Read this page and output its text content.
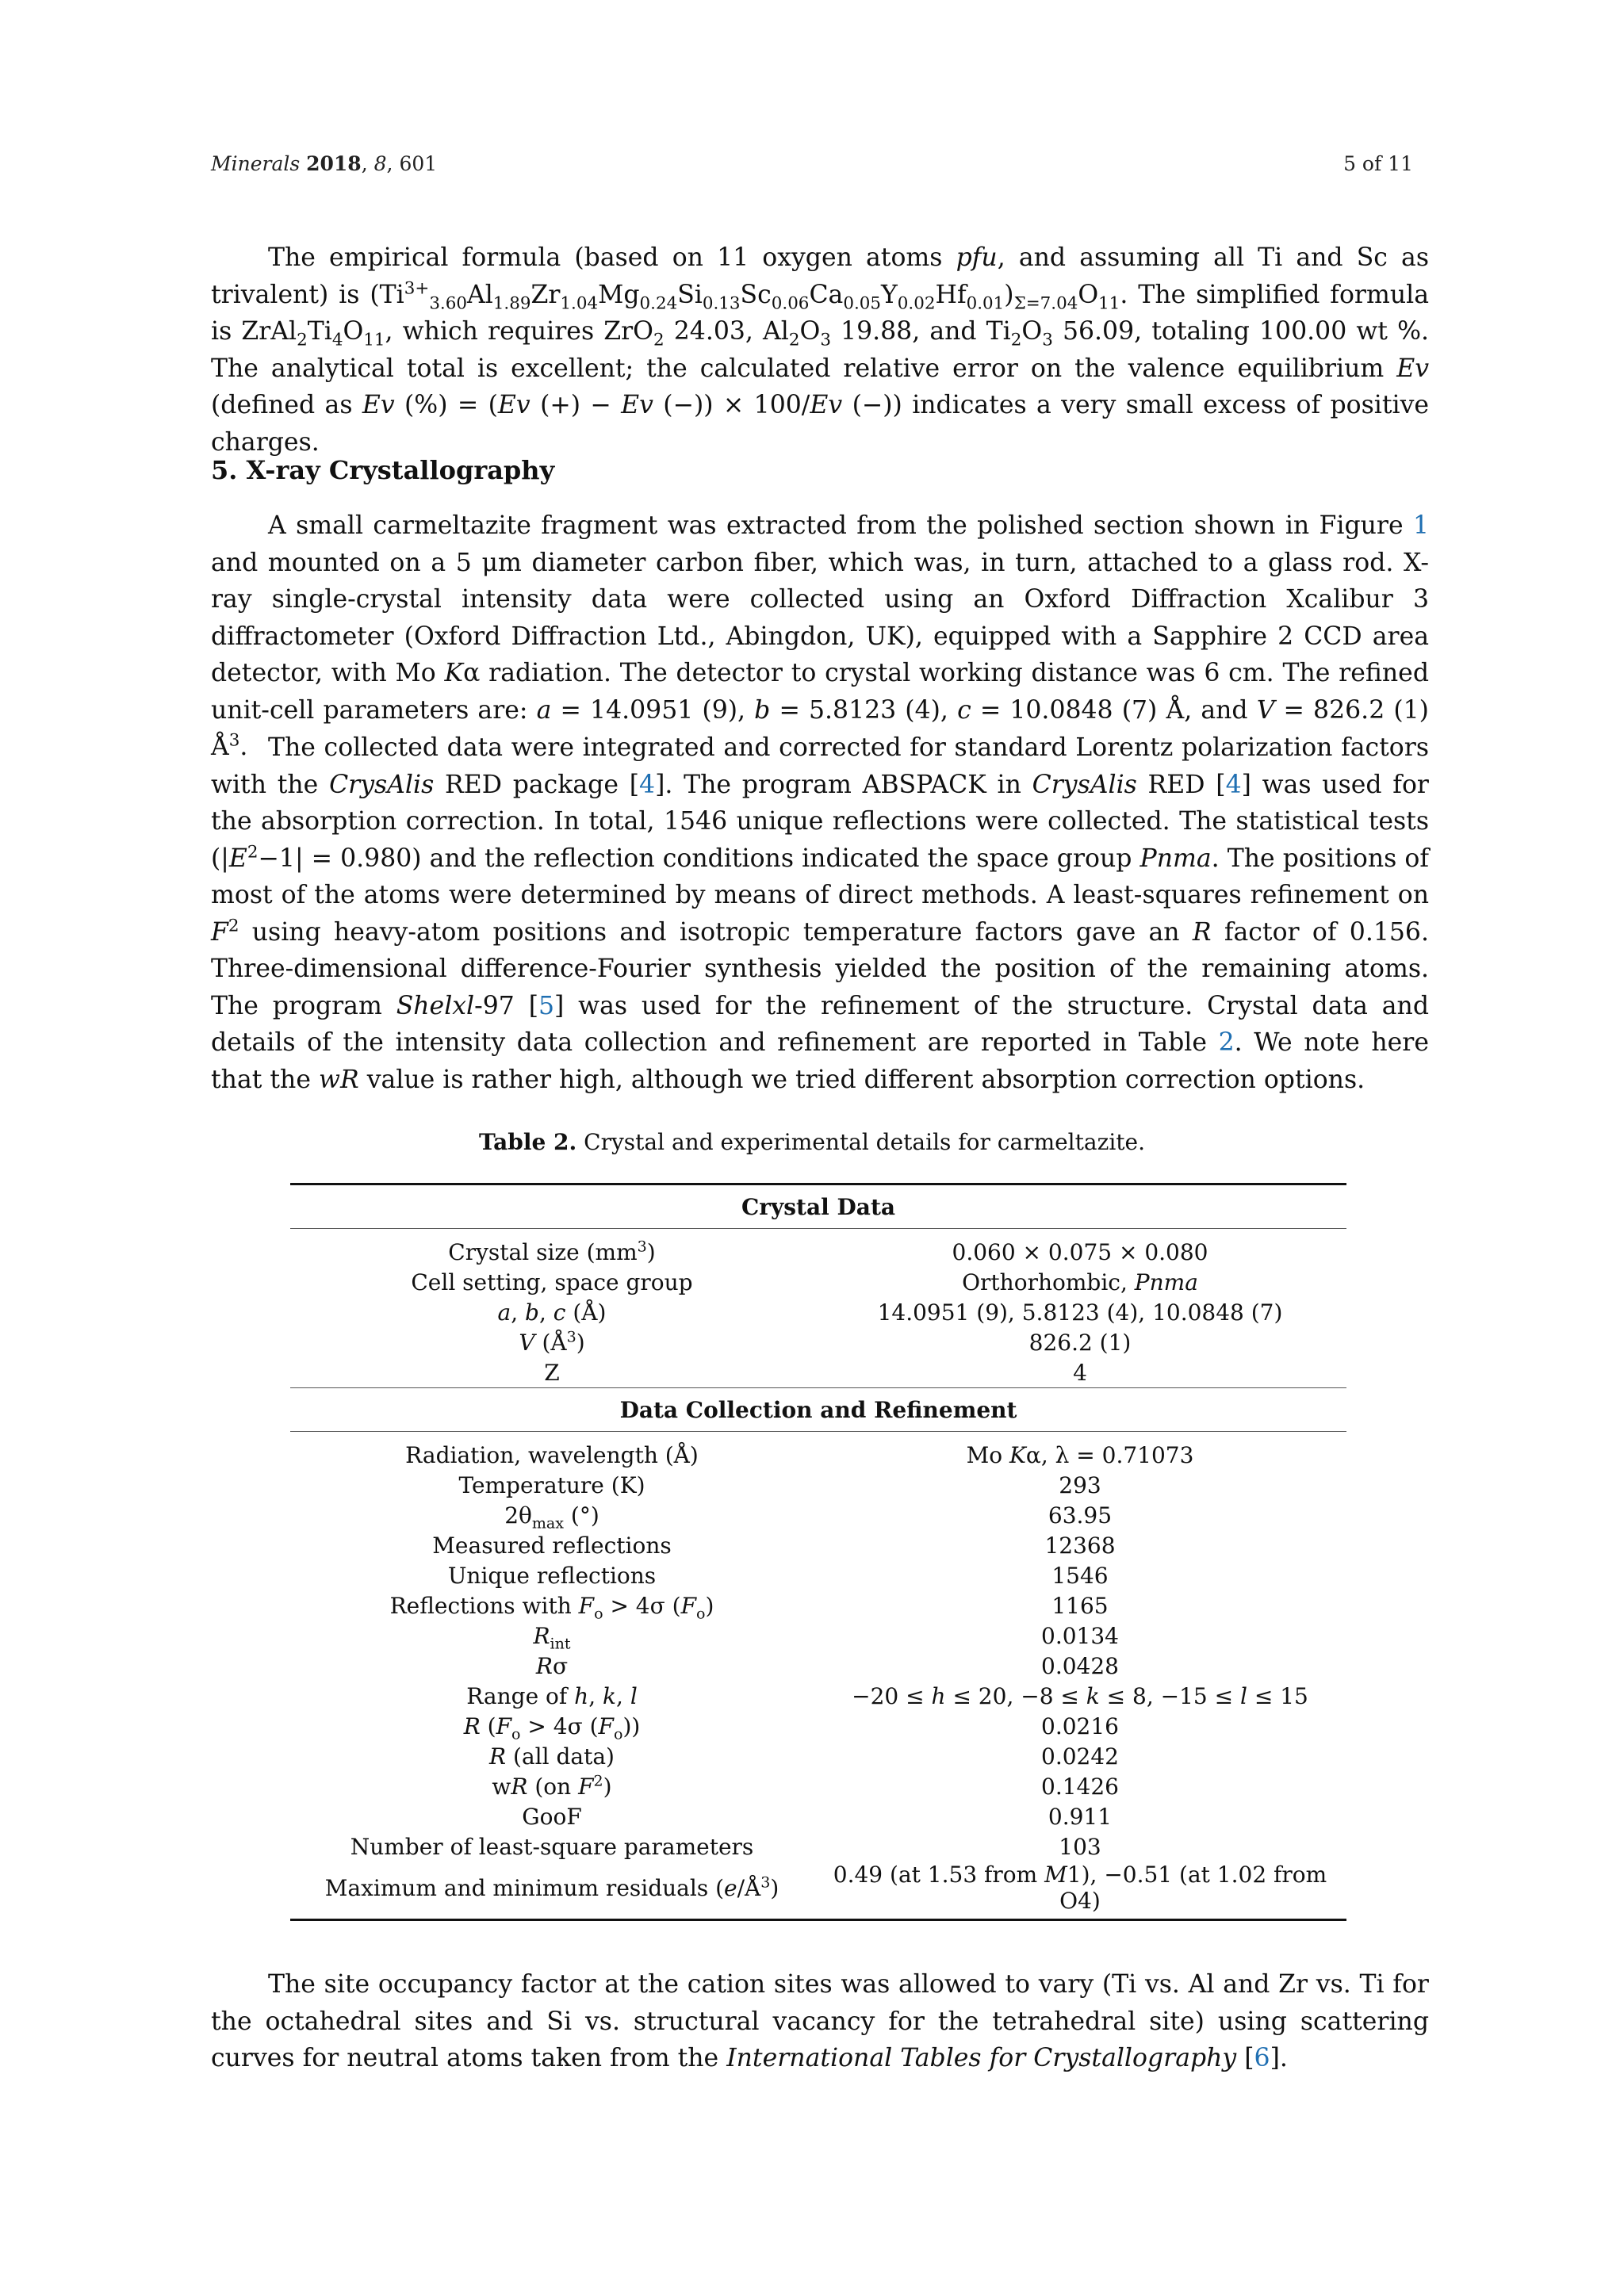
Minerals 2018, 8, 601	5 of 11

The empirical formula (based on 11 oxygen atoms pfu, and assuming all Ti and Sc as trivalent) is $(Ti^{3+}_{3.60}Al_{1.89}Zr_{1.04}Mg_{0.24}Si_{0.13}Sc_{0.06}Ca_{0.05}Y_{0.02}Hf_{0.01})_{\Sigma=7.04}O_{11}$. The simplified formula is $ZrAl_2Ti_4O_{11}$, which requires ZrO$_2$ 24.03, $Al_2O_3$ 19.88, and $Ti_2O_3$ 56.09, totaling 100.00 wt %. The analytical total is excellent; the calculated relative error on the valence equilibrium Ev (defined as Ev (%) = (Ev (+) − Ev (−)) × 100/Ev (−)) indicates a very small excess of positive charges.

5. X-ray Crystallography

A small carmeltazite fragment was extracted from the polished section shown in Figure 1 and mounted on a 5 μm diameter carbon fiber, which was, in turn, attached to a glass rod. X-ray single-crystal intensity data were collected using an Oxford Diffraction Xcalibur 3 diffractometer (Oxford Diffraction Ltd., Abingdon, UK), equipped with a Sapphire 2 CCD area detector, with Mo Kα radiation. The detector to crystal working distance was 6 cm. The refined unit-cell parameters are: a = 14.0951 (9), b = 5.8123 (4), c = 10.0848 (7) Å, and V = 826.2 (1) $Å^3$. The collected data were integrated and corrected for standard Lorentz polarization factors with the CrysAlis RED package [4]. The program ABSPACK in CrysAlis RED [4] was used for the absorption correction. In total, 1546 unique reflections were collected. The statistical tests $(|E^2-1| = 0.980)$ and the reflection conditions indicated the space group Pnma. The positions of most of the atoms were determined by means of direct methods. A least-squares refinement on $F^2$ using heavy-atom positions and isotropic temperature factors gave an R factor of 0.156. Three-dimensional difference-Fourier synthesis yielded the position of the remaining atoms. The program Shelxl-97 [5] was used for the refinement of the structure. Crystal data and details of the intensity data collection and refinement are reported in Table 2. We note here that the wR value is rather high, although we tried different absorption correction options.

Table 2. Crystal and experimental details for carmeltazite.
Crystal Data	

Crystal size $(mm^3)$	0.060 × 0.075 × 0.080
Cell setting, space group	Orthorhombic, Pnma
a, b, c (Å)	14.0951 (9), 5.8123 (4), 10.0848 (7)
V $(Å^3)$	826.2 (1)
Z	4
Data Collection and Refinement	

Radiation, wavelength (Å)	Mo Kα, λ = 0.71073
Temperature (K)	293
$2\theta_{max}$ (°)	63.95
Measured reflections	12368
Unique reflections	1546
Reflections with $F_o > 4\sigma$ $(F_o)$	1165
$R_{int}$	0.0134
Rσ	0.0428
Range of h, k, l	−20 ≤ h ≤ 20, −8 ≤ k ≤ 8, −15 ≤ l ≤ 15
R ($F_o > 4\sigma$ $(F_o)$)	0.0216
R (all data)	0.0242
wR (on $F^2$)	0.1426
GooF	0.911
Number of least-square parameters	103
Maximum and minimum residuals $(e/Å^3)$	0.49 (at 1.53 from M1), −0.51 (at 1.02 from O4)

The site occupancy factor at the cation sites was allowed to vary (Ti vs. Al and Zr vs. Ti for the octahedral sites and Si vs. structural vacancy for the tetrahedral site) using scattering curves for neutral atoms taken from the International Tables for Crystallography [6].
